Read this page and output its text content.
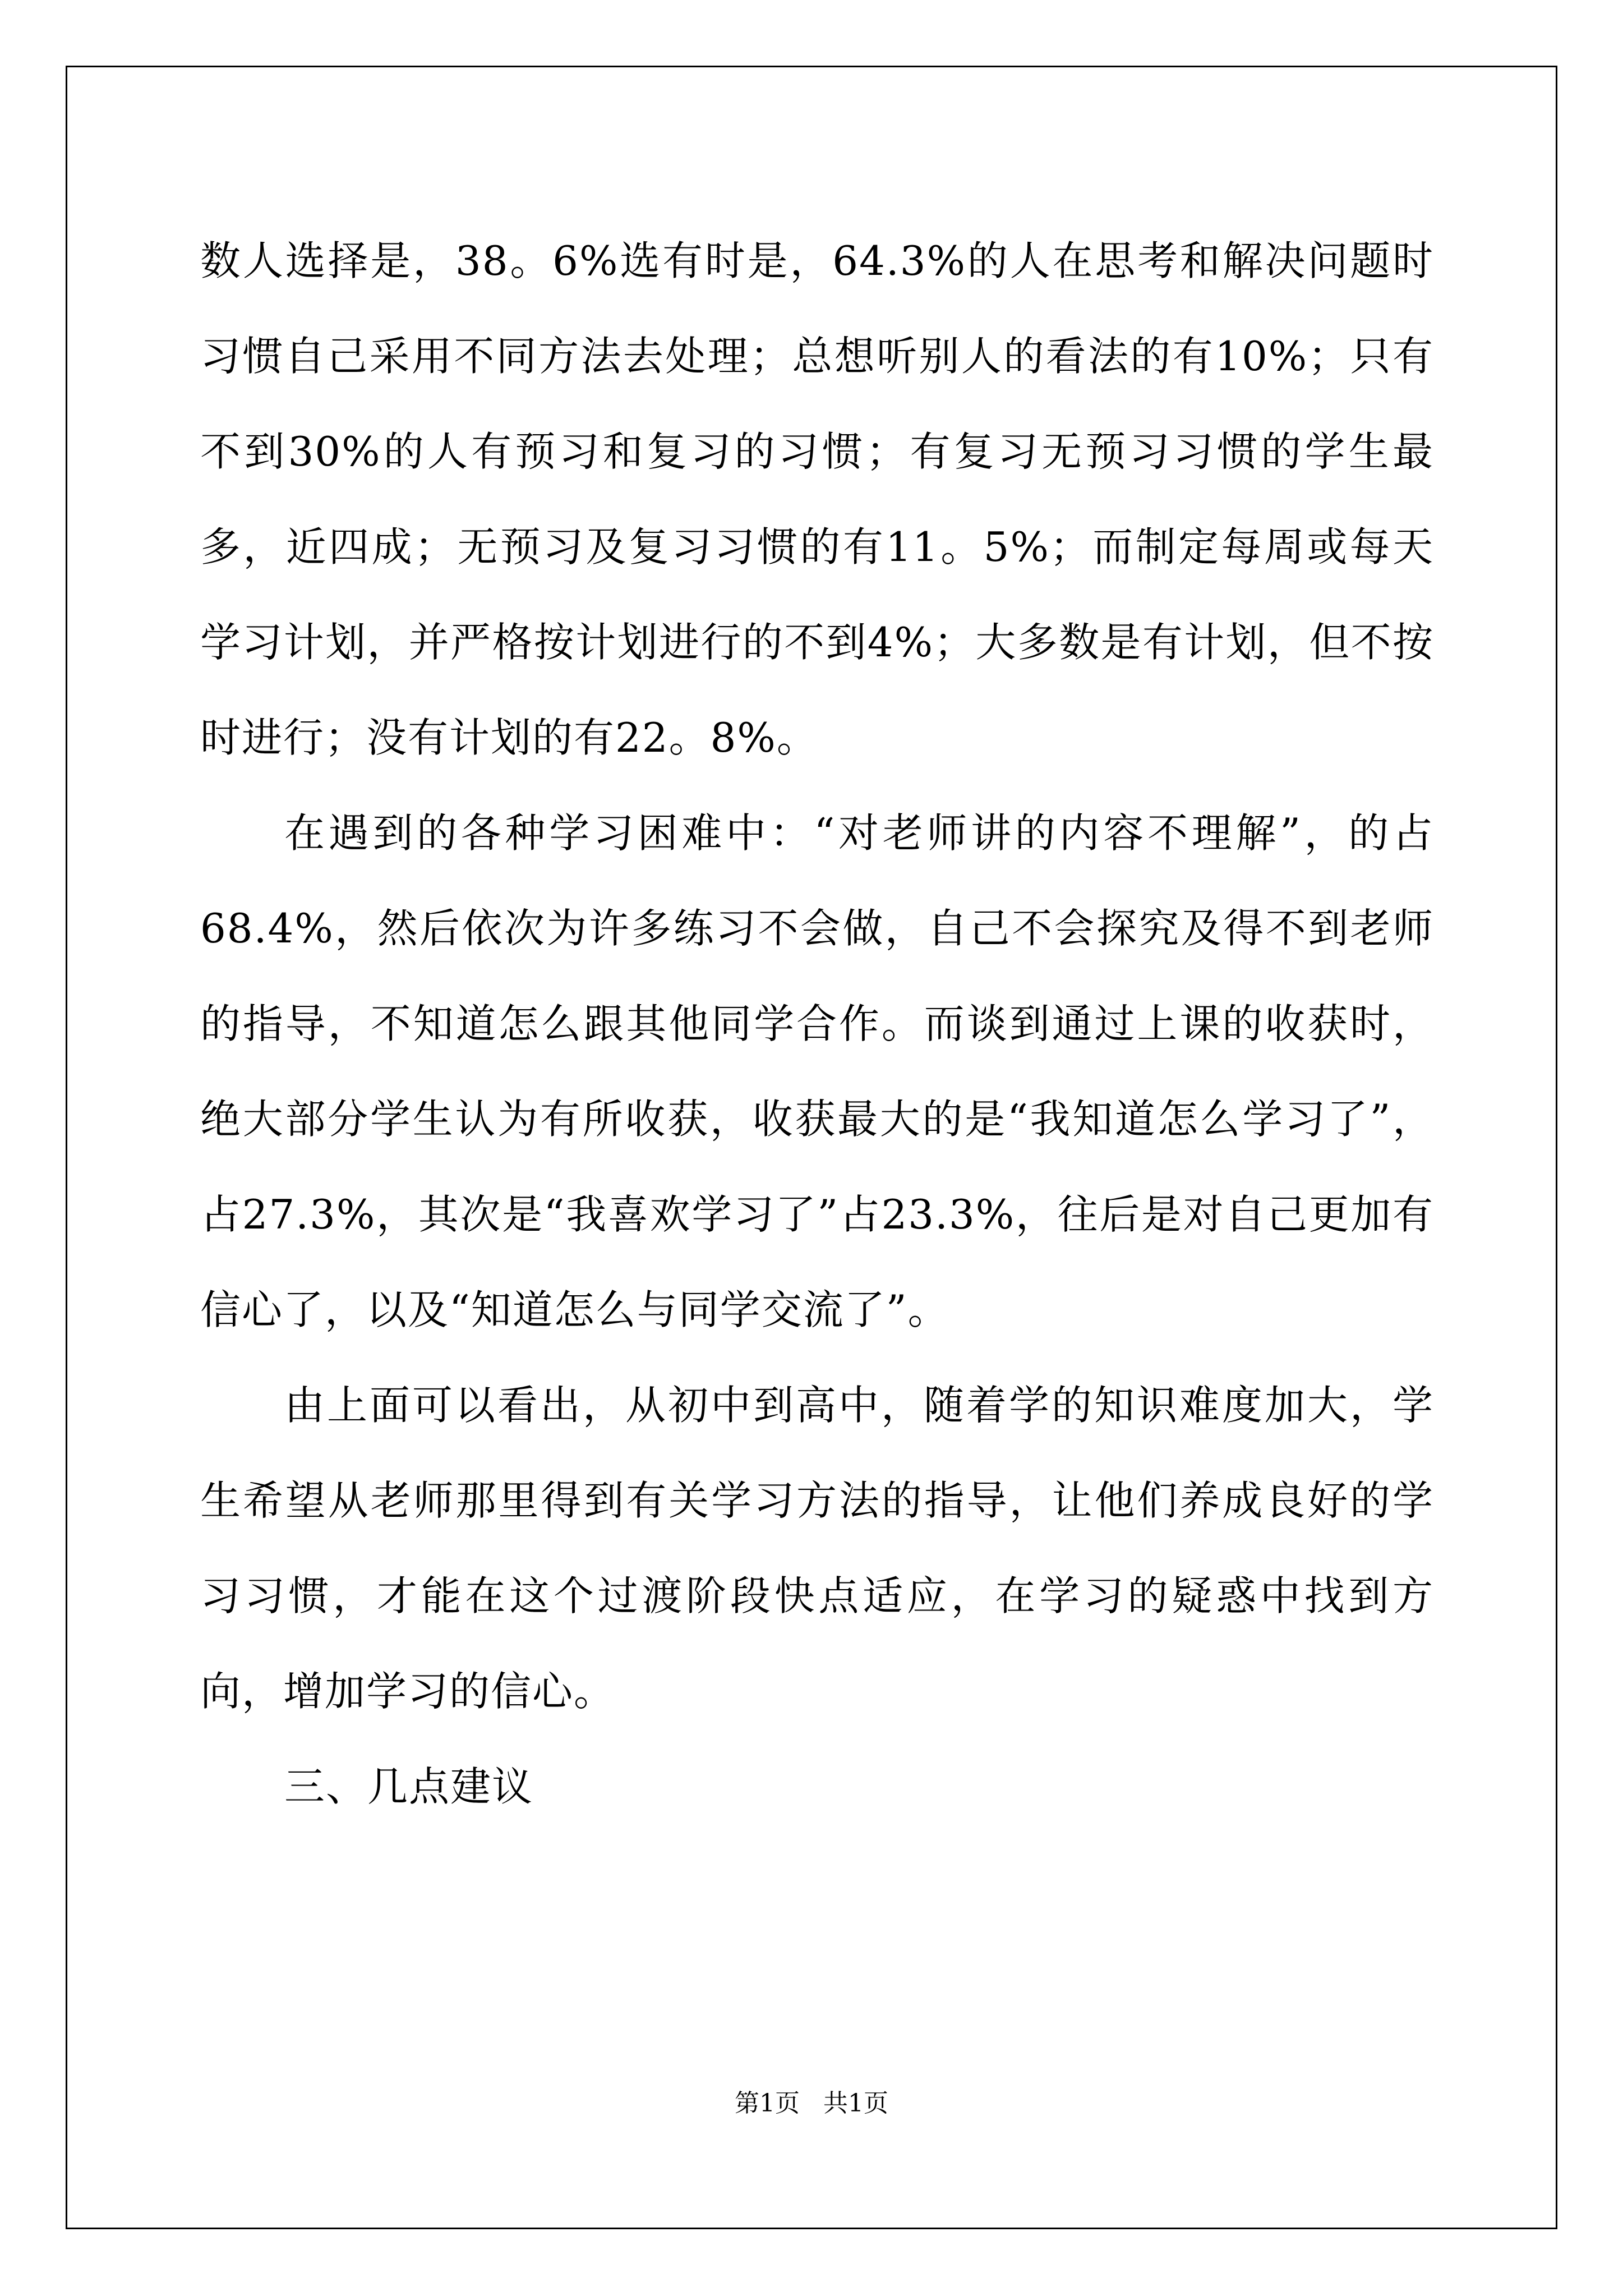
数人选择是，38。6%选有时是，64.3%的人在思考和解决问题时习惯自己采用不同方法去处理；总想听别人的看法的有10%；只有不到30%的人有预习和复习的习惯；有复习无预习习惯的学生最多，近四成；无预习及复习习惯的有11。5%；而制定每周或每天学习计划，并严格按计划进行的不到4%；大多数是有计划，但不按时进行；没有计划的有22。8%。

在遇到的各种学习困难中：“对老师讲的内容不理解”，的占68.4%，然后依次为许多练习不会做，自己不会探究及得不到老师的指导，不知道怎么跟其他同学合作。而谈到通过上课的收获时，绝大部分学生认为有所收获，收获最大的是“我知道怎么学习了”，占27.3%，其次是“我喜欢学习了”占23.3%，往后是对自己更加有信心了，以及“知道怎么与同学交流了”。

由上面可以看出，从初中到高中，随着学的知识难度加大，学生希望从老师那里得到有关学习方法的指导，让他们养成良好的学习习惯，才能在这个过渡阶段快点适应，在学习的疑惑中找到方向，增加学习的信心。

三、几点建议

第1页   共1页
